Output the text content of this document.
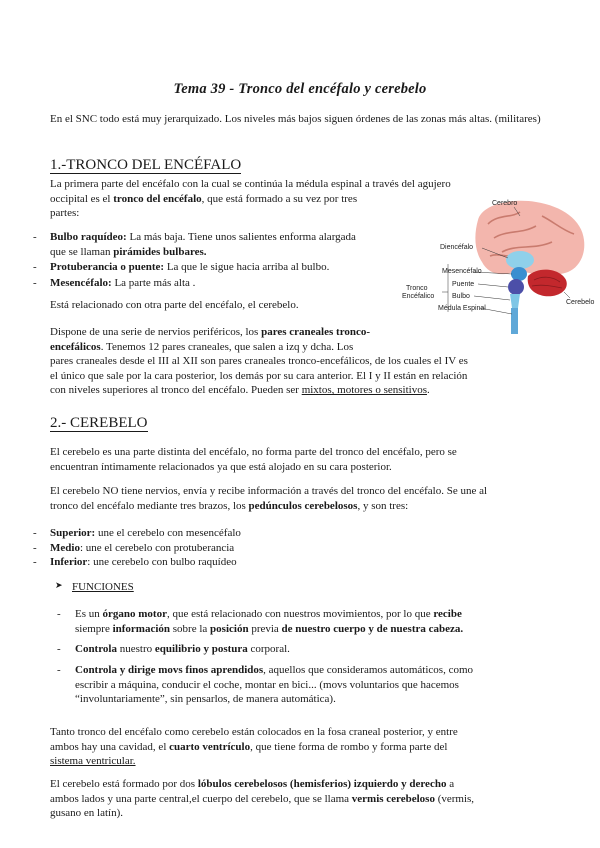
Tema 39 - Tronco del encéfalo y cerebelo

En el SNC todo está muy jerarquizado. Los niveles más bajos siguen órdenes de las zonas más altas. (militares)

1.-TRONCO DEL ENCÉFALO

La primera parte del encéfalo con la cual se continúa la médula espinal a través del agujero
occipital es el tronco del encéfalo, que está formado a su vez por tres
partes:

- Bulbo raquídeo: La más baja. Tiene unos salientes enforma alargada
que se llaman pirámides bulbares.

- Protuberancia o puente: La que le sigue hacia arriba al bulbo.

- Mesencéfalo: La parte más alta .

Está relacionado con otra parte del encéfalo, el cerebelo.

Dispone de una serie de nervios periféricos, los pares craneales tronco-
encefálicos. Tenemos 12 pares craneales, que salen a izq y dcha. Los
pares craneales desde el III al XII son pares craneales tronco-encefálicos, de los cuales el IV es
el único que sale por la cara posterior, los demás por su cara anterior. El I y II están en relación
con niveles superiores al tronco del encéfalo. Pueden ser mixtos, motores o sensitivos.

Cerebro
Diencéfalo
Mesencéfalo
Puente
Bulbo
Médula Espinal
Cerebelo
Tronco
Encéfalico

2.- CEREBELO

El cerebelo es una parte distinta del encéfalo, no forma parte del tronco del encéfalo, pero se
encuentran íntimamente relacionados ya que está alojado en su cara posterior.

El cerebelo NO tiene nervios, envía y recibe información a través del tronco del encéfalo. Se une al
tronco del encéfalo mediante tres brazos, los pedúnculos cerebelosos, y son tres:

- Superior: une el cerebelo con mesencéfalo

- Medio: une el cerebelo con protuberancia

- Inferior: une cerebelo con bulbo raquídeo

➤ FUNCIONES

- Es un órgano motor, que está relacionado con nuestros movimientos, por lo que recibe
siempre información sobre la posición previa de nuestro cuerpo y de nuestra cabeza.

- Controla nuestro equilibrio y postura corporal.

- Controla y dirige movs finos aprendidos, aquellos que consideramos automáticos, como
escribir a máquina, conducir el coche, montar en bici... (movs voluntarios que hacemos
“involuntariamente”, sin pensarlos, de manera automática).

Tanto tronco del encéfalo como cerebelo están colocados en la fosa craneal posterior, y entre
ambos hay una cavidad, el cuarto ventrículo, que tiene forma de rombo y forma parte del
sistema ventricular.

El cerebelo está formado por dos lóbulos cerebelosos (hemisferios) izquierdo y derecho a
ambos lados y una parte central,el cuerpo del cerebelo, que se llama vermis cerebeloso (vermis,
gusano en latín).
